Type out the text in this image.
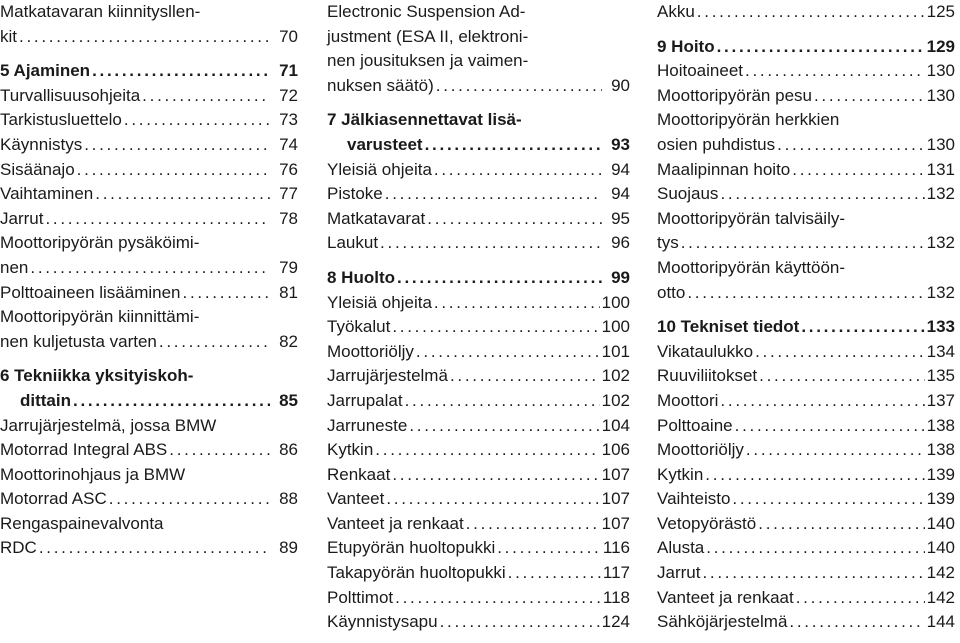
Matkatavaran kiinnitysllen-
kit . . .	70
5 Ajaminen . . .	71
Turvallisuusohjeita . . .	72
Tarkistusluettelo . . .	73
Käynnistys . . .	74
Sisäänajo . . .	76
Vaihtaminen . . .	77
Jarrut . . .	78
Moottoripyörän pysäköimi-
nen . . .	79
Polttoaineen lisääminen . . .	81
Moottoripyörän kiinnittämi-
nen kuljetusta varten . . .	82
6 Tekniikka yksityiskoh-
dittain . . .	85
Jarrujärjestelmä, jossa BMW
Motorrad Integral ABS . . .	86
Moottorinohjaus ja BMW
Motorrad ASC . . .	88
Rengaspainevalvonta
RDC . . .	89
Electronic Suspension Ad-
justment (ESA II, elektroni-
nen jousituksen ja vaimen-
nuksen säätö) . . .	90
7 Jälkiasennettavat lisä-
varusteet . . .	93
Yleisiä ohjeita . . .	94
Pistoke . . .	94
Matkatavarat . . .	95
Laukut . . .	96
8 Huolto . . .	99
Yleisiä ohjeita . . .	100
Työkalut . . .	100
Moottoriöljy . . .	101
Jarrujärjestelmä . . .	102
Jarrupalat . . .	102
Jarruneste . . .	104
Kytkin . . .	106
Renkaat . . .	107
Vanteet . . .	107
Vanteet ja renkaat . . .	107
Etupyörän huoltopukki . . .	116
Takapyörän huoltopukki . . .	117
Polttimot . . .	118
Käynnistysapu . . .	124
Akku . . .	125
9 Hoito . . .	129
Hoitoaineet . . .	130
Moottoripyörän pesu . . .	130
Moottoripyörän herkkien
osien puhdistus . . .	130
Maalipinnan hoito . . .	131
Suojaus . . .	132
Moottoripyörän talvisäily-
tys . . .	132
Moottoripyörän käyttöön-
otto . . .	132
10 Tekniset tiedot . . .	133
Vikataulukko . . .	134
Ruuviliitokset . . .	135
Moottori . . .	137
Polttoaine . . .	138
Moottoriöljy . . .	138
Kytkin . . .	139
Vaihteisto . . .	139
Vetopyörästö . . .	140
Alusta . . .	140
Jarrut . . .	142
Vanteet ja renkaat . . .	142
Sähköjärjestelmä . . .	144
